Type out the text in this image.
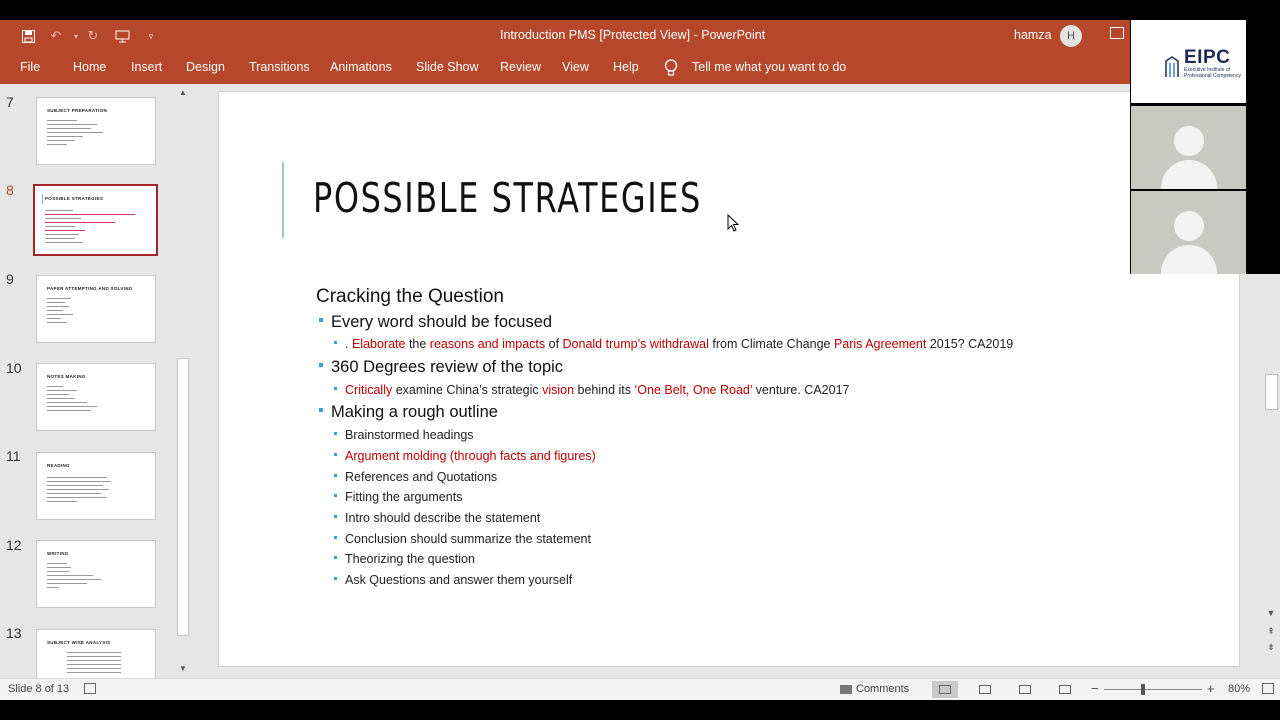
↶	▾ ↻	▿	Introduction PMS [Protected View] - PowerPoint	hamza	H
File	Home Insert Design Transitions Animations Slide Show Review View Help	Tell me what you want to do
7
SUBJECT PREPARATION
8
POSSIBLE STRATEGIES
9
PAPER ATTEMPTING AND SOLVING
10
NOTES MAKING
11
READING
12
WRITING
13
SUBJECT WISE ANALYSIS
▲
▼
POSSIBLE STRATEGIES
Cracking the Question
Every word should be focused
. Elaborate the reasons and impacts of Donald trump’s withdrawal from Climate Change Paris Agreement 2015? CA2019
360 Degrees review of the topic
Critically examine China’s strategic vision behind its ‘One Belt, One Road’ venture. CA2017
Making a rough outline
Brainstormed headings
Argument molding (through facts and figures)
References and Quotations
Fitting the arguments
Intro should describe the statement
Conclusion should summarize the statement
Theorizing the question
Ask Questions and answer them yourself
▼
⇞
⇟
Slide 8 of 13	Comments	−	+ 80%
EIPC
Executive Institute of Professional Competency
